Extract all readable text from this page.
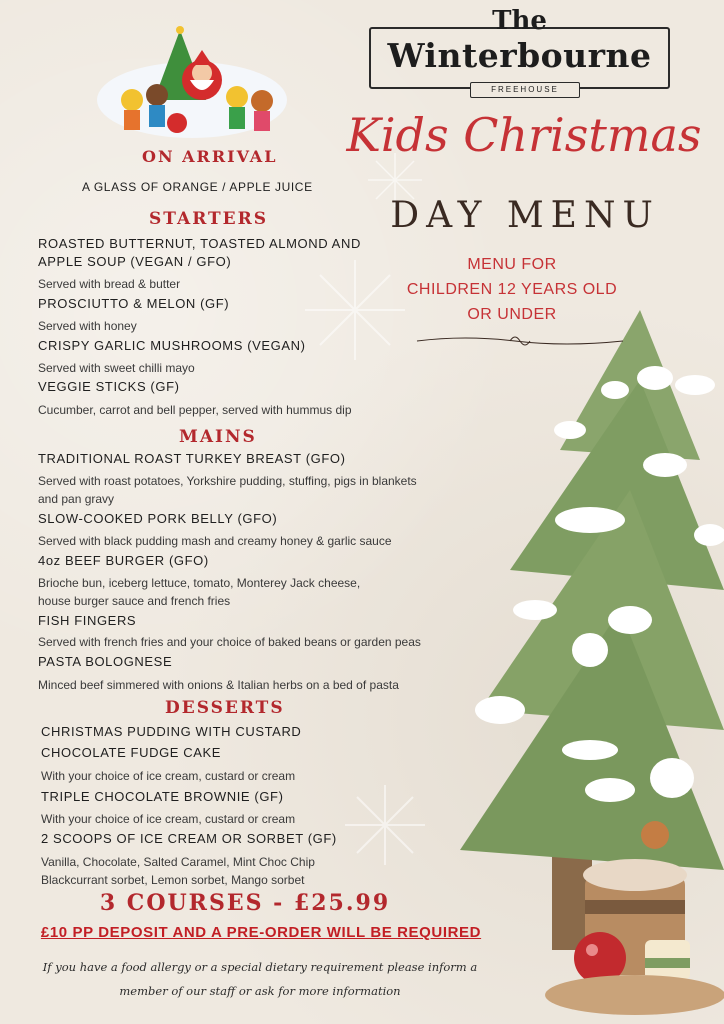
The
Winterbourne
FREEHOUSE
Kids Christmas
DAY MENU
MENU FOR
CHILDREN 12 YEARS OLD
OR UNDER
ON ARRIVAL
A GLASS OF ORANGE / APPLE JUICE
STARTERS
ROASTED BUTTERNUT, TOASTED ALMOND AND
APPLE SOUP (VEGAN / GFO)
Served with bread & butter
PROSCIUTTO & MELON (GF)
Served with honey
CRISPY GARLIC MUSHROOMS (VEGAN)
Served with sweet chilli mayo
VEGGIE STICKS (GF)
Cucumber, carrot and bell pepper, served with hummus dip
MAINS
TRADITIONAL ROAST TURKEY BREAST (GFO)
Served with roast potatoes, Yorkshire pudding, stuffing, pigs in blankets
and pan gravy
SLOW-COOKED PORK BELLY (GFO)
Served with black pudding mash and creamy honey & garlic sauce
4oz BEEF BURGER (GFO)
Brioche bun, iceberg lettuce, tomato, Monterey Jack cheese,
house burger sauce and french fries
FISH FINGERS
Served with french fries and your choice of baked beans or garden peas
PASTA BOLOGNESE
Minced beef simmered with onions & Italian herbs on a bed of pasta
DESSERTS
CHRISTMAS PUDDING WITH CUSTARD
CHOCOLATE FUDGE CAKE
With your choice of ice cream, custard or cream
TRIPLE CHOCOLATE BROWNIE (GF)
With your choice of ice cream, custard or cream
2 SCOOPS OF ICE CREAM OR SORBET (GF)
Vanilla, Chocolate, Salted Caramel, Mint Choc Chip
Blackcurrant sorbet, Lemon sorbet, Mango sorbet
3 COURSES - £25.99
£10 PP DEPOSIT AND A PRE-ORDER WILL BE REQUIRED
If you have a food allergy or a special dietary requirement please inform a
member of our staff or ask for more information
